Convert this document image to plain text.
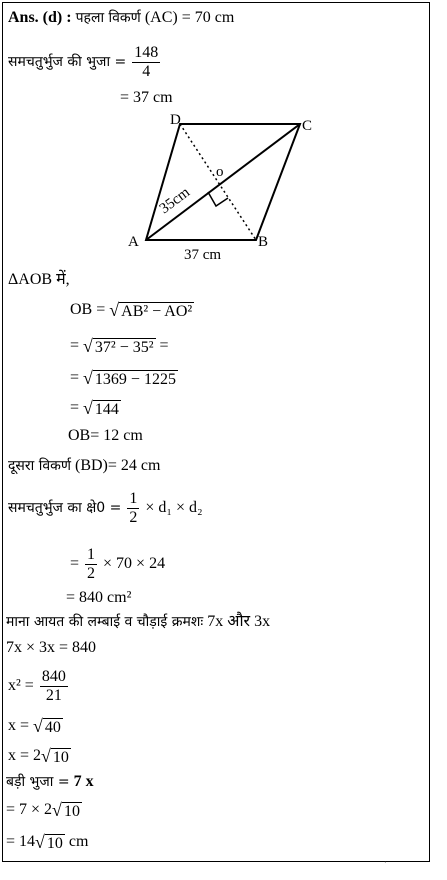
Ans. (d) : पहला विकर्ण (AC) = 70 cm
समचतुर्भुज की भुजा = $\frac{148}{4}$
= 37 cm
A	B
C
D
o
35cm
37 cm
ΔAOB में,
OB = √ AB² − AO²
= √ 37² − 35² =
= √ 1369 − 1225
= √ 144
OB= 12 cm
दूसरा विकर्ण (BD)= 24 cm
समचतुर्भुज का क्षे0 = $\frac{1}{2} \times d_1 \times d_2$
= $\frac{1}{2} \times 70 \times 24$
= 840 cm²
माना आयत की लम्बाई व चौड़ाई क्रमशः 7x और 3x
7x × 3x = 840
$x^2 = \frac{840}{21}$
x = √ 40
x = 2 √ 10
बड़ी भुजा = 7 x
= 7 × 2 √ 10
= 14 √ 10 cm
·
